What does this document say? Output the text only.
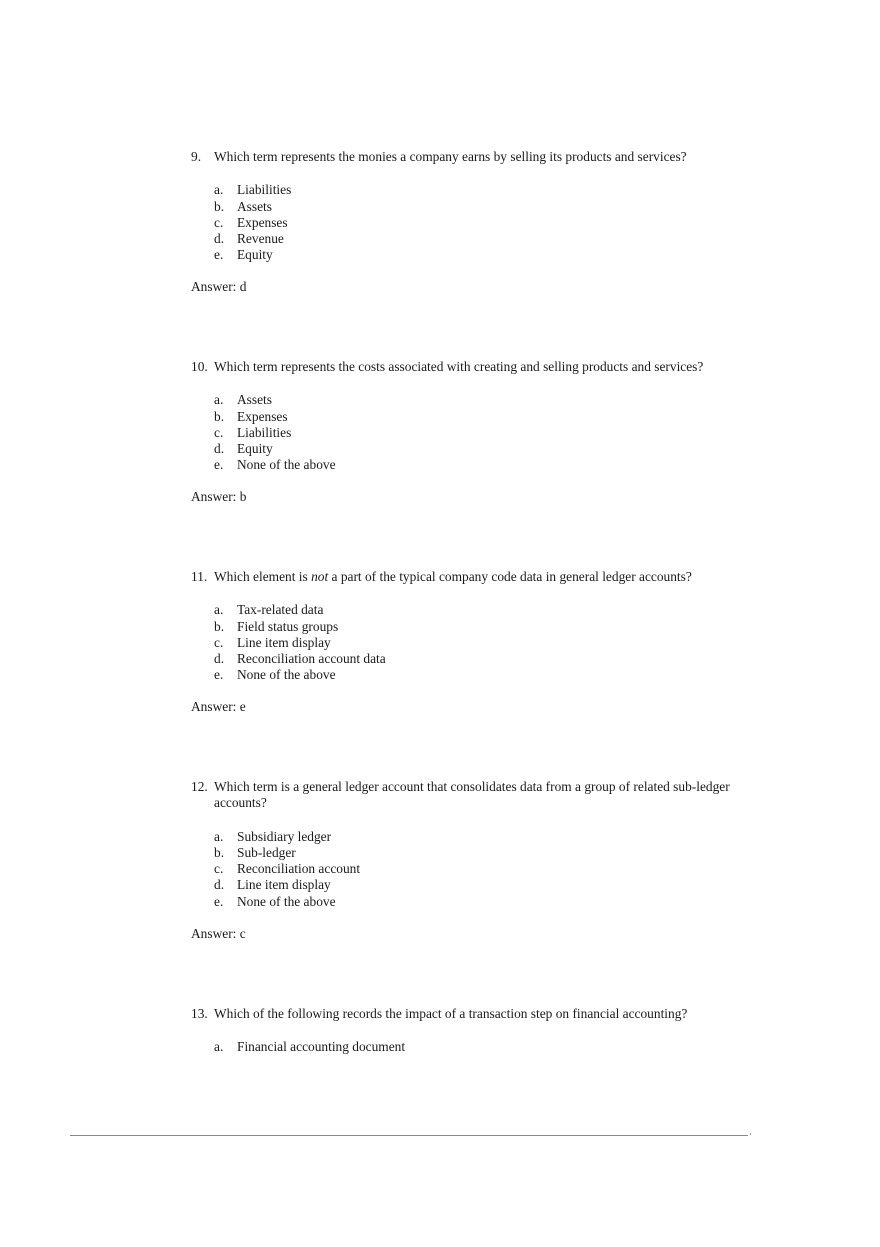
9. Which term represents the monies a company earns by selling its products and services?
a.	Liabilities
b. Assets
c.	Expenses
d. Revenue
e.	Equity
Answer: d
10. Which term represents the costs associated with creating and selling products and services?
a.	Assets
b. Expenses
c.	Liabilities
d. Equity
e.	None of the above
Answer: b
11. Which element is not a part of the typical company code data in general ledger accounts?
a.	Tax-related data
b. Field status groups
c.	Line item display
d. Reconciliation account data
e.	None of the above
Answer: e
12. Which term is a general ledger account that consolidates data from a group of related sub-ledger accounts?
a.	Subsidiary ledger
b. Sub-ledger
c.	Reconciliation account
d. Line item display
e.	None of the above
Answer: c
13. Which of the following records the impact of a transaction step on financial accounting?
a.	Financial accounting document
